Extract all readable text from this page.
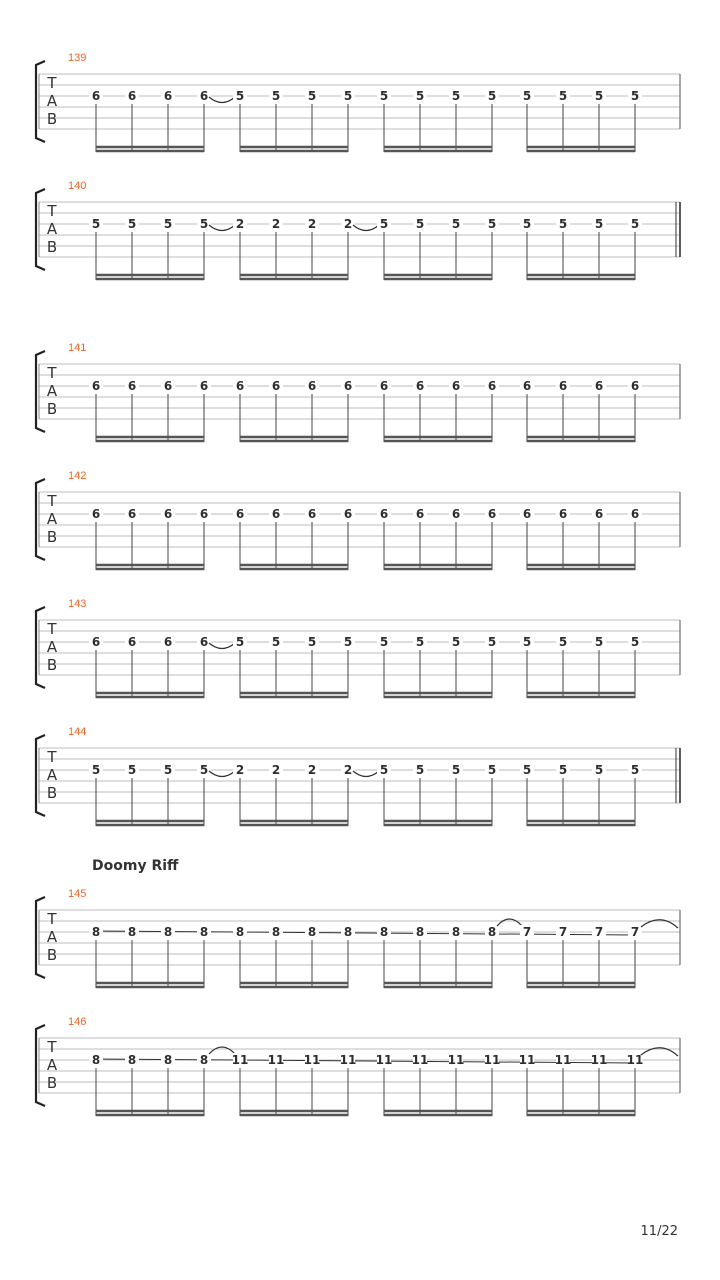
139
T
A
B
6 6 6 6 5 5 5 5 5 5 5 5 5 5 5 5
140
T
A
B
5 5 5 5 2 2 2 2 5 5 5 5 5 5 5 5
141
T
A
B
6 6 6 6 6 6 6 6 6 6 6 6 6 6 6 6
142
T
A
B
6 6 6 6 6 6 6 6 6 6 6 6 6 6 6 6
143
T
A
B
6 6 6 6 5 5 5 5 5 5 5 5 5 5 5 5
144
T
A
B
5 5 5 5 2 2 2 2 5 5 5 5 5 5 5 5
145
T
A
B
8 8 8 8 8 8 8 8 8 8 8 8 7 7 7 7
146
T
A
B
8 8 8 8 11 11 11 11 11 11 11 11 11 11 11 11
Doomy Riff
11/22
